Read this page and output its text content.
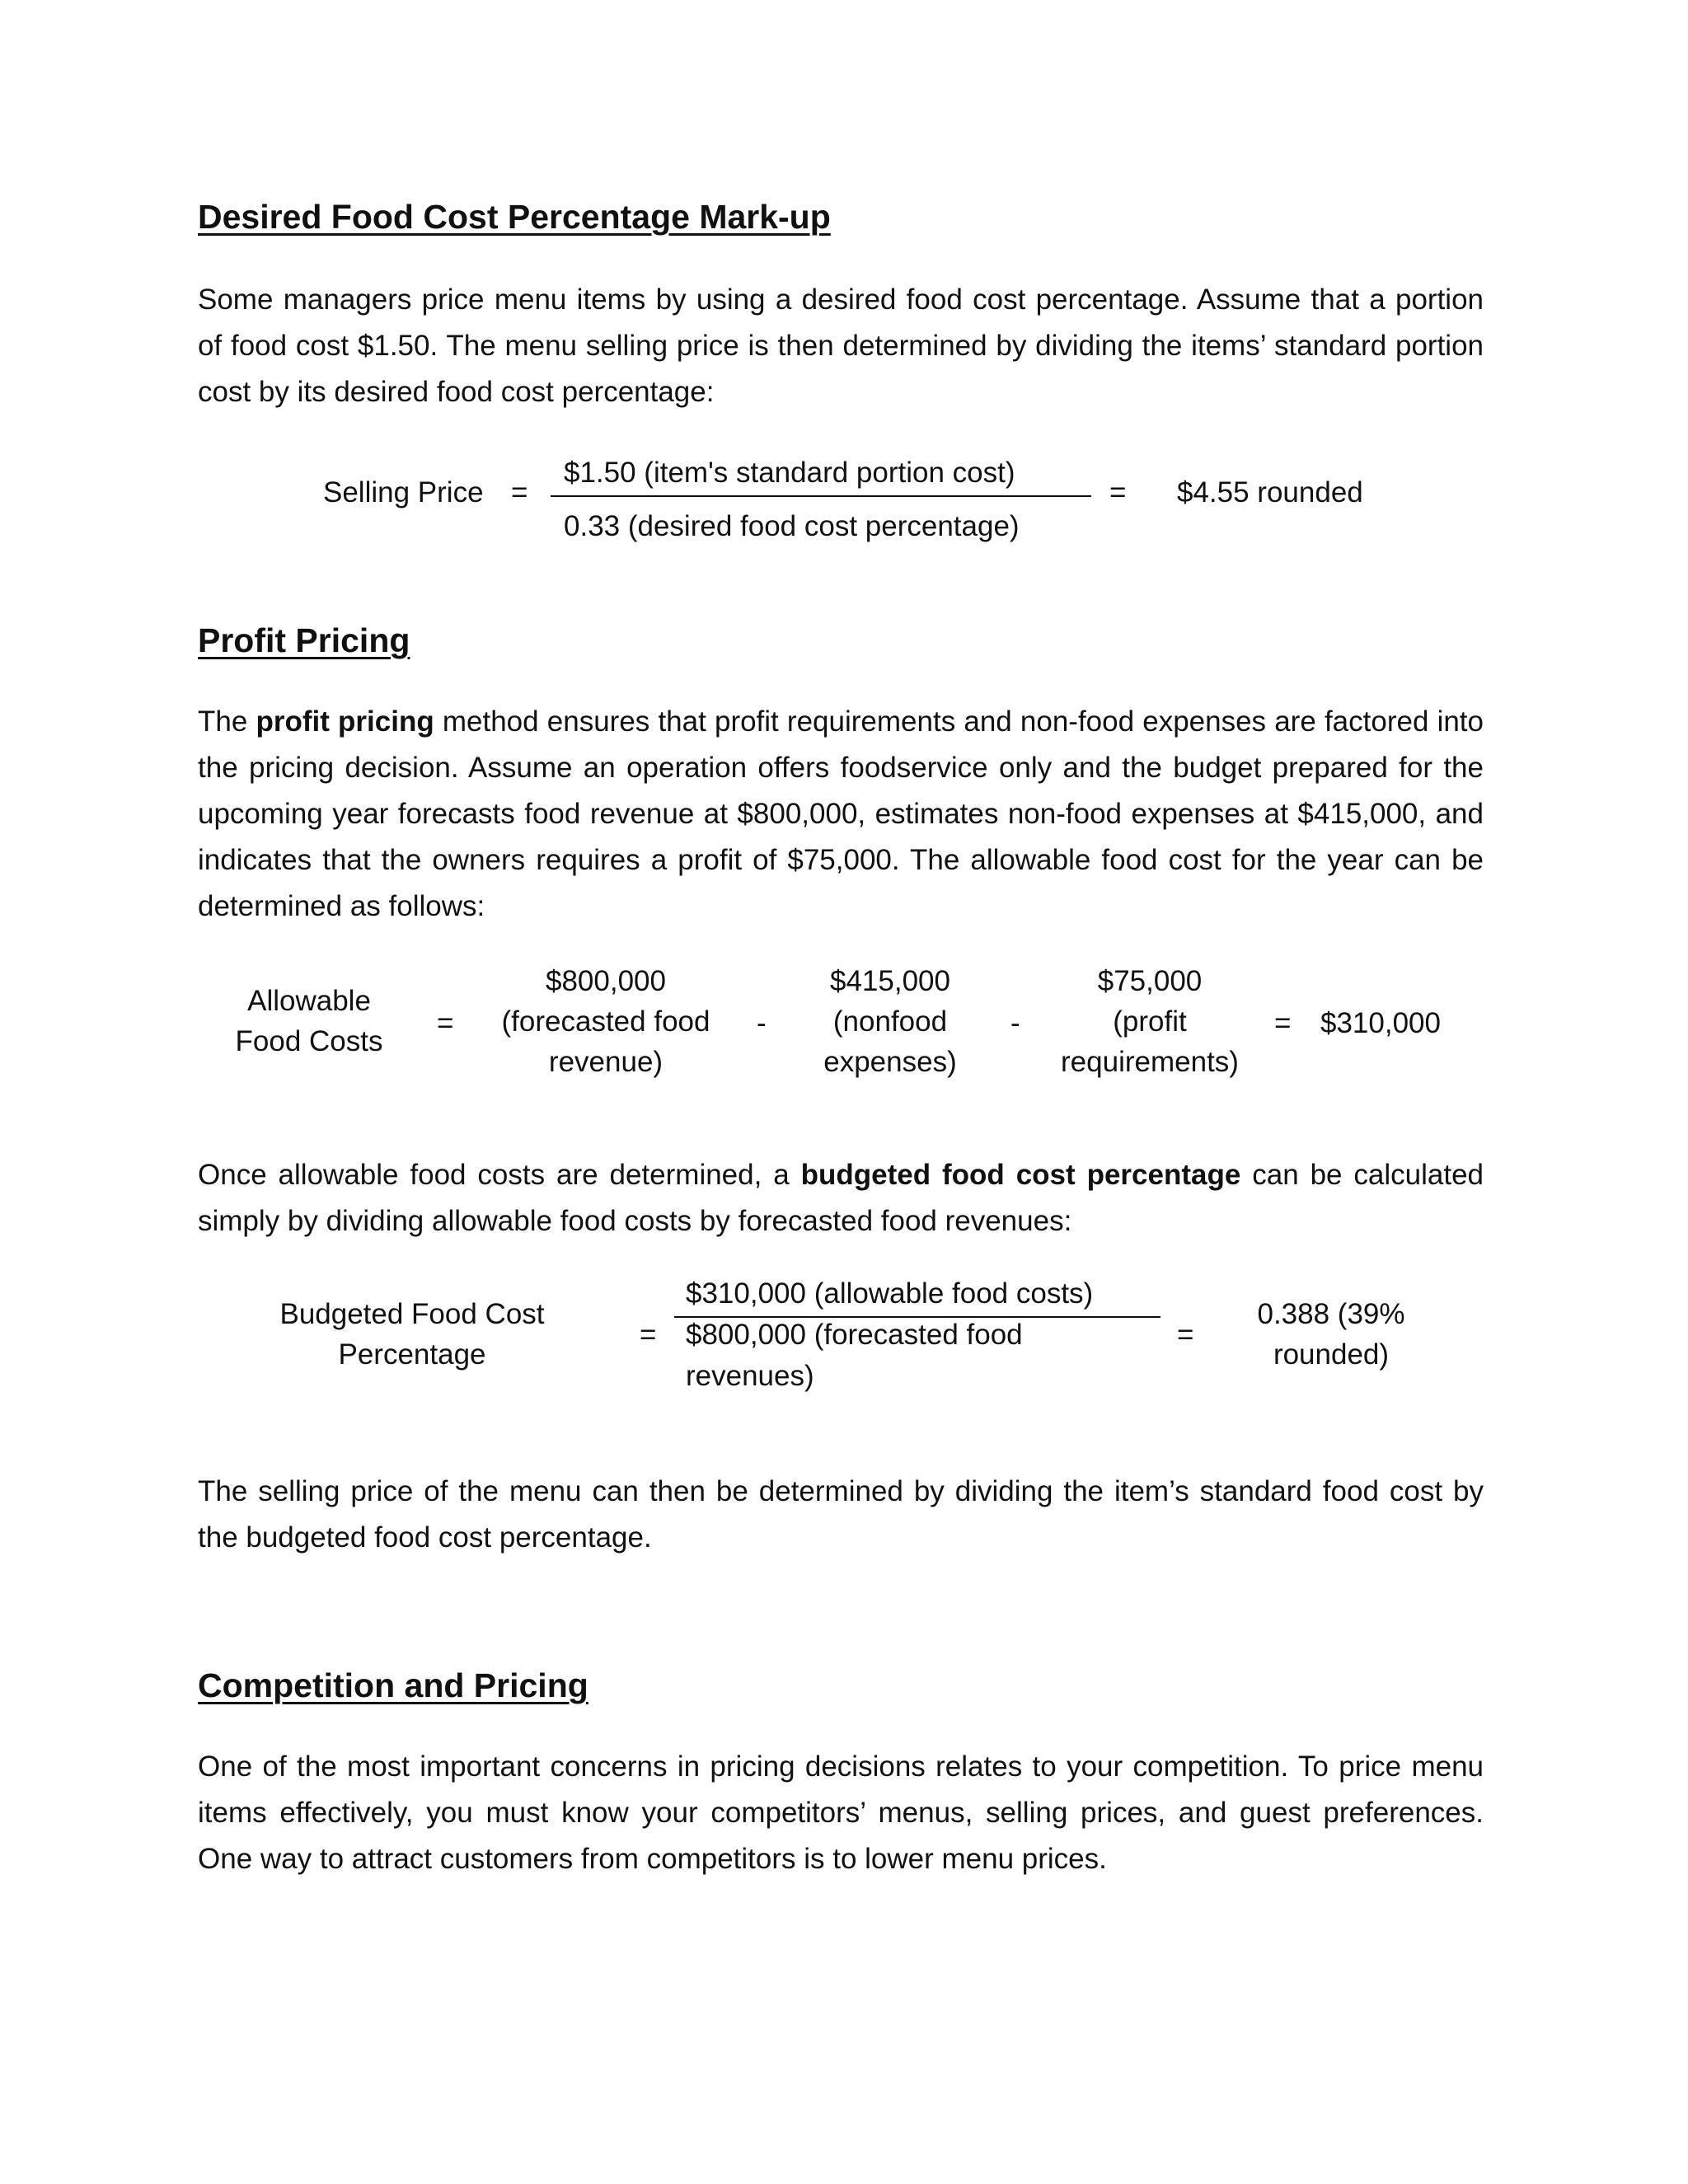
Desired Food Cost Percentage Mark-up

Some managers price menu items by using a desired food cost percentage. Assume that a portion of food cost $1.50. The menu selling price is then determined by dividing the items’ standard portion cost by its desired food cost percentage:

Selling Price =
$1.50 (item's standard portion cost)
0.33 (desired food cost percentage)
= $4.55 rounded
Profit Pricing

The profit pricing method ensures that profit requirements and non-food expenses are factored into the pricing decision. Assume an operation offers foodservice only and the budget prepared for the upcoming year forecasts food revenue at $800,000, estimates non-food expenses at $415,000, and indicates that the owners requires a profit of $75,000. The allowable food cost for the year can be determined as follows:

Allowable
Food Costs
=
$800,000
(forecasted food
revenue)
-
$415,000
(nonfood
expenses)
-
$75,000
(profit
requirements)
= $310,000

Once allowable food costs are determined, a budgeted food cost percentage can be calculated simply by dividing allowable food costs by forecasted food revenues:

Budgeted Food Cost
Percentage
=
$310,000 (allowable food costs)
$800,000 (forecasted food
revenues)
=
0.388 (39%
rounded)

The selling price of the menu can then be determined by dividing the item’s standard food cost by the budgeted food cost percentage.

Competition and Pricing

One of the most important concerns in pricing decisions relates to your competition. To price menu items effectively, you must know your competitors’ menus, selling prices, and guest preferences. One way to attract customers from competitors is to lower menu prices.
